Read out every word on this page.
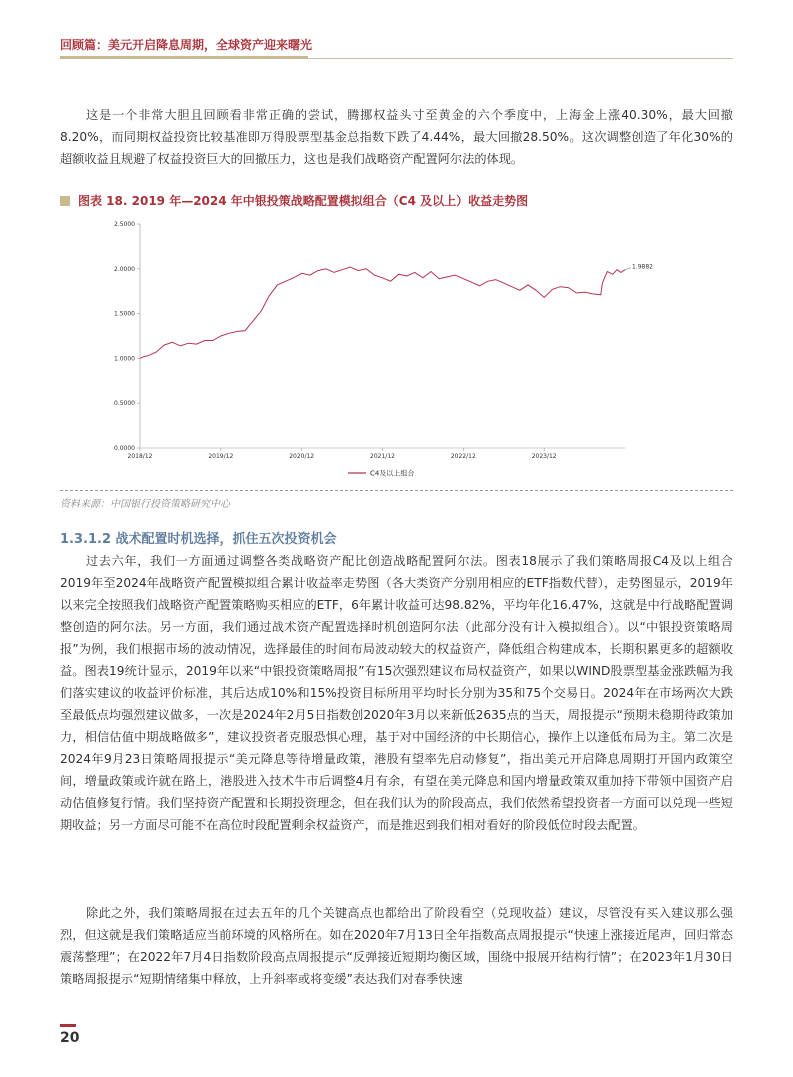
回顾篇：美元开启降息周期，全球资产迎来曙光
这是一个非常大胆且回顾看非常正确的尝试，腾挪权益头寸至黄金的六个季度中，上海金上涨40.30%，最大回撤8.20%，而同期权益投资比较基准即万得股票型基金总指数下跌了4.44%，最大回撤28.50%。这次调整创造了年化30%的超额收益且规避了权益投资巨大的回撤压力，这也是我们战略资产配置阿尔法的体现。
图表 18. 2019 年—2024 年中银投策战略配置模拟组合（C4 及以上）收益走势图
0.0000
0.5000
1.0000
1.5000
2.0000
2.5000
2018/12	2019/12	2020/12	2021/12	2022/12	2023/12
1.9882
C4及以上组合
资料来源：中国银行投资策略研究中心
1.3.1.2 战术配置时机选择，抓住五次投资机会
过去六年，我们一方面通过调整各类战略资产配比创造战略配置阿尔法。图表18展示了我们策略周报C4及以上组合2019年至2024年战略资产配置模拟组合累计收益率走势图（各大类资产分别用相应的ETF指数代替），走势图显示，2019年以来完全按照我们战略资产配置策略购买相应的ETF，6年累计收益可达98.82%，平均年化16.47%，这就是中行战略配置调整创造的阿尔法。另一方面，我们通过战术资产配置选择时机创造阿尔法（此部分没有计入模拟组合）。以“中银投资策略周报”为例，我们根据市场的波动情况，选择最佳的时间布局波动较大的权益资产，降低组合构建成本，长期积累更多的超额收益。图表19统计显示，2019年以来“中银投资策略周报”有15次强烈建议布局权益资产，如果以WIND股票型基金涨跌幅为我们落实建议的收益评价标准，其后达成10%和15%投资目标所用平均时长分别为35和75个交易日。2024年在市场两次大跌至最低点均强烈建议做多，一次是2024年2月5日指数创2020年3月以来新低2635点的当天，周报提示“预期未稳期待政策加力，相信估值中期战略做多”，建议投资者克服恐惧心理，基于对中国经济的中长期信心，操作上以逢低布局为主。第二次是2024年9月23日策略周报提示“美元降息等待增量政策，港股有望率先启动修复”，指出美元开启降息周期打开国内政策空间，增量政策或许就在路上，港股进入技术牛市后调整4月有余，有望在美元降息和国内增量政策双重加持下带领中国资产启动估值修复行情。我们坚持资产配置和长期投资理念，但在我们认为的阶段高点，我们依然希望投资者一方面可以兑现一些短期收益；另一方面尽可能不在高位时段配置剩余权益资产，而是推迟到我们相对看好的阶段低位时段去配置。
除此之外，我们策略周报在过去五年的几个关键高点也都给出了阶段看空（兑现收益）建议，尽管没有买入建议那么强烈，但这就是我们策略适应当前环境的风格所在。如在2020年7月13日全年指数高点周报提示“快速上涨接近尾声，回归常态震荡整理”；在2022年7月4日指数阶段高点周报提示“反弹接近短期均衡区域，围绕中报展开结构行情”；在2023年1月30日策略周报提示“短期情绪集中释放，上升斜率或将变缓”表达我们对春季快速
20
